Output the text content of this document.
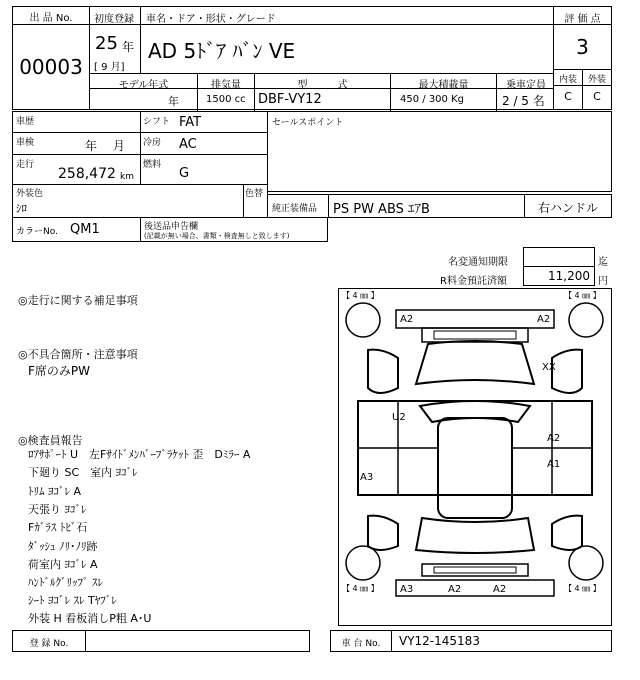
出 品 No.
00003
初度登録 車名・ドア・形状・グレード
25 年
[ 9 月]
AD 5ﾄﾞｱ ﾊﾞﾝ VE
モデル年式	排気量	型　　　式	最大積載量	乗車定員
年	1500 cc DBF-VY12	450 / 300 Kg	2 / 5 名
評 価 点
3
内装	外装
C	C
車歴	シフト FAT
車検	年　 月 冷房 AC
走行
258,472 km
燃料
G
外装色
ｼﾛ
色替
セールスポイント
純正装備品 PS PW ABS ｴｱB	右ハンドル
カラーNo. QM1	後送品申告欄
(記載が無い場合、書類・検査無しと致します)
名変通知期限	迄
R料金預託済額	11,200 円
◎走行に関する補足事項
◎不具合箇所・注意事項
F席のみPW
◎検査員報告
ﾛｱｻﾎﾟｰﾄ U　左Fｻｲﾄﾞﾒﾝﾊﾞｰﾌﾞﾗｹｯﾄ 歪　Dﾐﾗｰ A
下廻り SC　室内 ﾖｺﾞﾚ
ﾄﾘﾑ ﾖｺﾞﾚ A
天張り ﾖｺﾞﾚ
Fｶﾞﾗｽ ﾄﾋﾞ石
ﾀﾞｯｼｭ ﾉﾘ･ﾉﾘ跡
荷室内 ﾖｺﾞﾚ A
ﾊﾝﾄﾞﾙｸﾞﾘｯﾌﾟ ｽﾚ
ｼｰﾄ ﾖｺﾞﾚ ｽﾚ Tﾔﾌﾞﾚ
外装 H 看板消しP粗 A･U
【 4 ㎜ 】	【 4 ㎜ 】
【 4 ㎜ 】	【 4 ㎜ 】
A2	A2
XX
U2
A2
A1
A3
A3	A2	A2
登 録 No.	車 台 No.	VY12-145183
